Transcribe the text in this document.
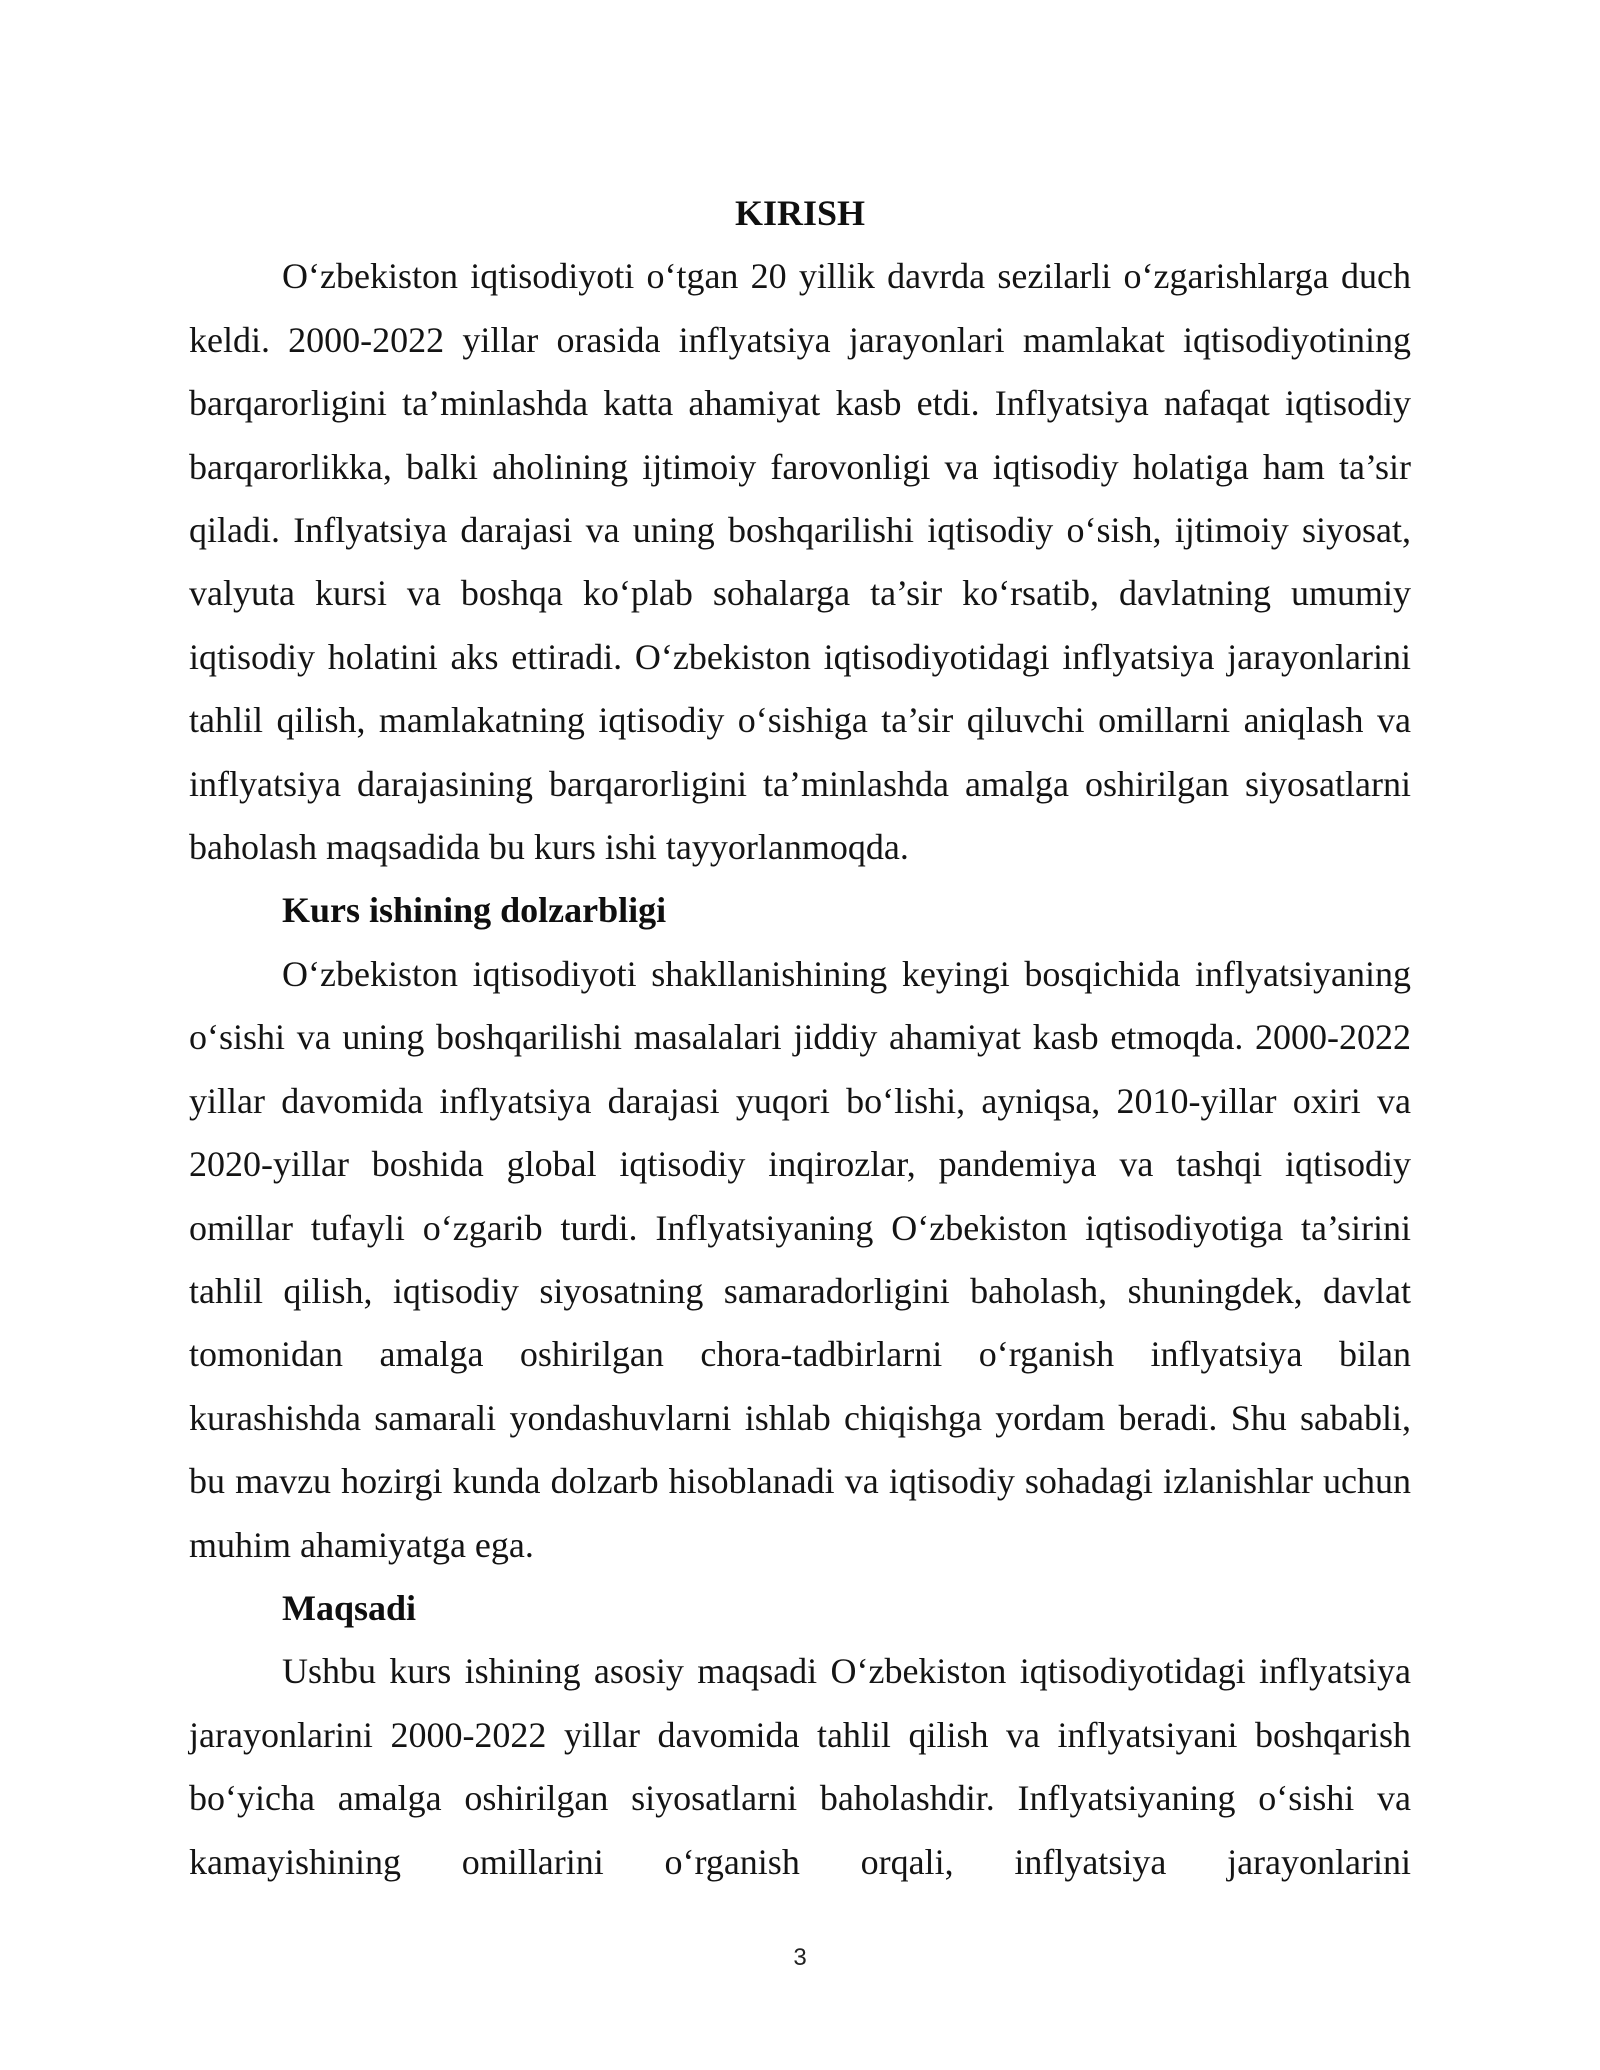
KIRISH

O‘zbekiston iqtisodiyoti o‘tgan 20 yillik davrda sezilarli o‘zgarishlarga duch keldi. 2000-2022 yillar orasida inflyatsiya jarayonlari mamlakat iqtisodiyotining barqarorligini ta’minlashda katta ahamiyat kasb etdi. Inflyatsiya nafaqat iqtisodiy barqarorlikka, balki aholining ijtimoiy farovonligi va iqtisodiy holatiga ham ta’sir qiladi. Inflyatsiya darajasi va uning boshqarilishi iqtisodiy o‘sish, ijtimoiy siyosat, valyuta kursi va boshqa ko‘plab sohalarga ta’sir ko‘rsatib, davlatning umumiy iqtisodiy holatini aks ettiradi. O‘zbekiston iqtisodiyotidagi inflyatsiya jarayonlarini tahlil qilish, mamlakatning iqtisodiy o‘sishiga ta’sir qiluvchi omillarni aniqlash va inflyatsiya darajasining barqarorligini ta’minlashda amalga oshirilgan siyosatlarni baholash maqsadida bu kurs ishi tayyorlanmoqda.

Kurs ishining dolzarbligi

O‘zbekiston iqtisodiyoti shakllanishining keyingi bosqichida inflyatsiyaning o‘sishi va uning boshqarilishi masalalari jiddiy ahamiyat kasb etmoqda. 2000-2022 yillar davomida inflyatsiya darajasi yuqori bo‘lishi, ayniqsa, 2010-yillar oxiri va 2020-yillar boshida global iqtisodiy inqirozlar, pandemiya va tashqi iqtisodiy omillar tufayli o‘zgarib turdi. Inflyatsiyaning O‘zbekiston iqtisodiyotiga ta’sirini tahlil qilish, iqtisodiy siyosatning samaradorligini baholash, shuningdek, davlat tomonidan amalga oshirilgan chora-tadbirlarni o‘rganish inflyatsiya bilan kurashishda samarali yondashuvlarni ishlab chiqishga yordam beradi. Shu sababli, bu mavzu hozirgi kunda dolzarb hisoblanadi va iqtisodiy sohadagi izlanishlar uchun muhim ahamiyatga ega.

Maqsadi

Ushbu kurs ishining asosiy maqsadi O‘zbekiston iqtisodiyotidagi inflyatsiya jarayonlarini 2000-2022 yillar davomida tahlil qilish va inflyatsiyani boshqarish bo‘yicha amalga oshirilgan siyosatlarni baholashdir. Inflyatsiyaning o‘sishi va kamayishining omillarini o‘rganish orqali, inflyatsiya jarayonlarini

3
